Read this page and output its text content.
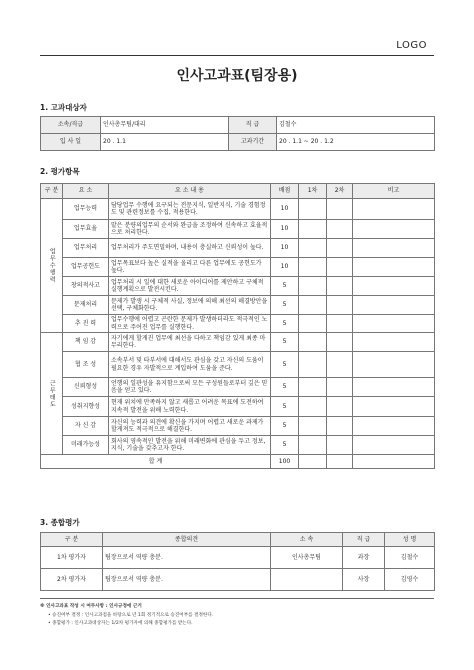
LOGO
인사고과표(팀장용)
1. 고과대상자
소속/직급	인사총무팀/대리	직 급	김철수
입 사 일	20 . 1.1	고과기간	20 . 1.1 ~ 20 . 1.2
2. 평가항목
구 분	요 소	요 소 내 용	배점	1차	2차	비고
업무수행력	업무능력	담당업무 수행에 요구되는 전문지식, 일반지식, 기술 경험정도 및 관련정보를 수집, 적용한다.	10			
	업무효율	맡은 분량의업무의 순서와 완급을 조정하여 신속하고 효율적으로 처리한다.	10			
	업무처리	업무처리가 주도면밀하며, 내용이 충실하고 신뢰성이 높다.	10			
	업무공헌도	업무목표보다 높은 실적을 올리고 다른 업무에도 공헌도가 높다.	10			
	창의적사고	업무처리 시 일에 대한 새로운 아이디어를 제안하고 구체적 실행계획으로 발전시킨다.	5			
	문제처리	문제가 발생 시 구체적 사실, 정보에 의해 최선의 해결방안을 선택, 구체화한다.	5			
	추 진 력	업무수행에 어렵고 곤란한 문제가 발생하더라도 적극적인 노력으로 주어진 업무를 실행한다.	5			
근무태도	책 임 감	자기에게 할게진 업무에 최선을 다하고 책임감 있게 최종 마무리한다.	5			
	협 조 성	소속부서 및 타부서에 대해서도 관심을 갖고 자신의 도움이 필요한 경우 자발적으로 계입하여 도움을 준다.	5			
	신뢰형성	언행의 일관성을 유지함으로써 모든 구성원들로부터 깊은 믿음을 얻고 있다.	5			
	성취지향성	현재 위치에 만족하지 않고 새롭고 어려운 목표에 도전하여 지속적 발전을 위해 노력한다.	5			
	자 신 감	자신의 능력과 의견에 확신을 가지며 어렵고 새로운 과제가 할게져도 적극적으로 해결한다.	5			
	미래가능성	회사의 영속적인 발전을 위해 미래변화에 관심을 두고 정보, 지식, 기술을 갖추고자 한다.	5			
합 계			100			
3. 종합평가
구 분	종합의견	소 속	직 급	성 명
1차 평가자	팀장으로서 역량 충분.	인사총무팀	과장	김철수
2차 평가자	팀장으로서 역량 충분.		사장	김영수
※ 인사고과표 작성 시 여무사항 : 인사규정에 근거
• 승진여부 결정 : 인사고과점을 바탕으로 년 1회 정기적으로 승진여부를 결정한다.
• 종합평가 : 인사고과대상자는 1/2차 평가자에 의해 종합평가를 받는다.
